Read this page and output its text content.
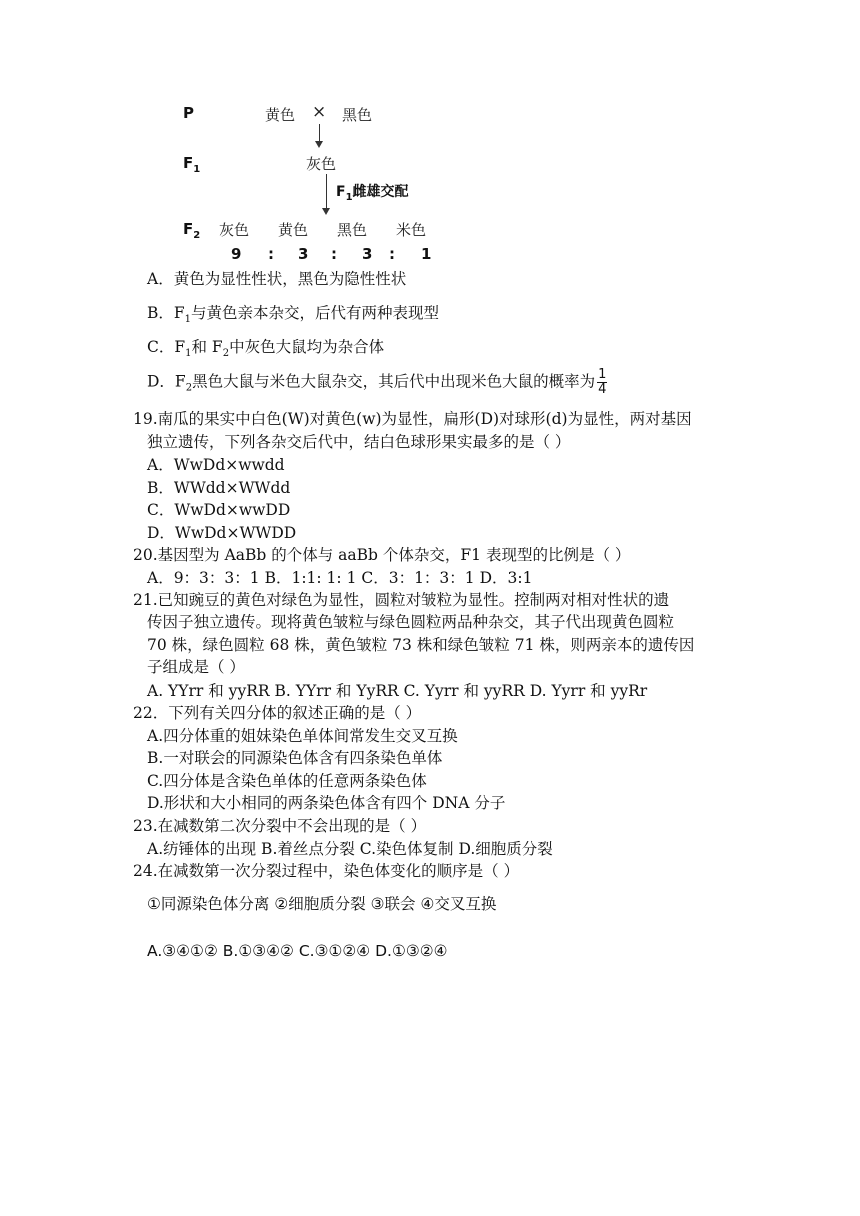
P	黄色 × 黑色
$F_1$	灰色
$F_1$雌雄交配
$F_2$ 灰色 黄色 黑色 米色
9 : 3 : 3 : 1
A．黄色为显性性状，黑色为隐性性状
B．$F_1$与黄色亲本杂交，后代有两种表现型
C．$F_1$和 $F_2$中灰色大鼠均为杂合体
D．$F_2$黑色大鼠与米色大鼠杂交，其后代中出现米色大鼠的概率为 $\frac{1}{4}$
19.南瓜的果实中白色(W)对黄色(w)为显性，扁形(D)对球形(d)为显性，两对基因
独立遗传，下列各杂交后代中，结白色球形果实最多的是（ ）
A．WwDd×wwdd
B．WWdd×WWdd
C．WwDd×wwDD
D．WwDd×WWDD
20.基因型为 AaBb 的个体与 aaBb 个体杂交，F1 表现型的比例是（ ）
A．9：3：3：1 B．1:1: 1: 1 C．3：1：3：1 D．3:1
21.已知豌豆的黄色对绿色为显性，圆粒对皱粒为显性。控制两对相对性状的遗
传因子独立遗传。现将黄色皱粒与绿色圆粒两品种杂交，其子代出现黄色圆粒
70 株，绿色圆粒 68 株，黄色皱粒 73 株和绿色皱粒 71 株，则两亲本的遗传因
子组成是（ ）
A. YYrr 和 yyRR B. YYrr 和 YyRR C. Yyrr 和 yyRR D. Yyrr 和 yyRr
22．下列有关四分体的叙述正确的是（ ）
A.四分体重的姐妹染色单体间常发生交叉互换
B.一对联会的同源染色体含有四条染色单体
C.四分体是含染色单体的任意两条染色体
D.形状和大小相同的两条染色体含有四个 DNA 分子
23.在减数第二次分裂中不会出现的是（ ）
A.纺锤体的出现 B.着丝点分裂 C.染色体复制 D.细胞质分裂
24.在减数第一次分裂过程中，染色体变化的顺序是（ ）
①同源染色体分离 ②细胞质分裂 ③联会 ④交叉互换
A.③④①② B.①③④② C.③①②④ D.①③②④
